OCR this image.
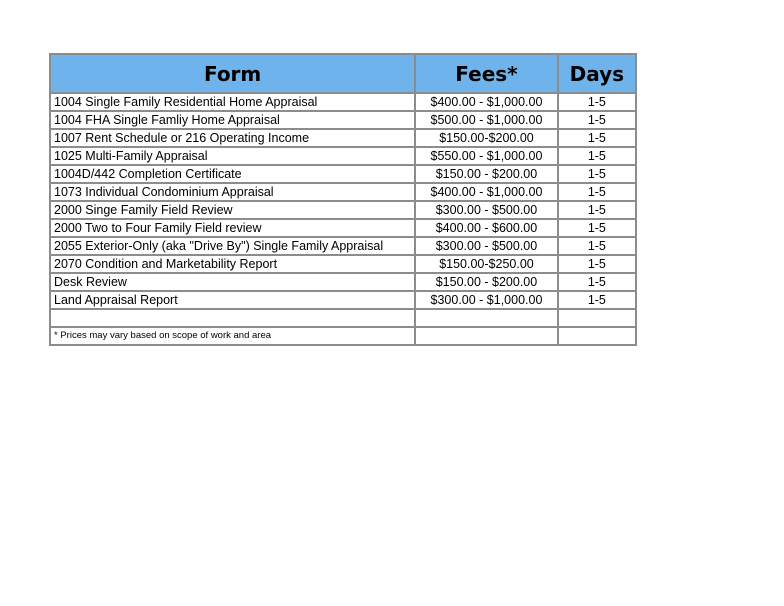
Form	Fees*	Days
1004 Single Family Residential Home Appraisal	$400.00 - $1,000.00	1-5
1004 FHA Single Famliy Home Appraisal	$500.00 - $1,000.00	1-5
1007 Rent Schedule or 216 Operating Income	$150.00-$200.00	1-5
1025 Multi-Family Appraisal	$550.00 - $1,000.00	1-5
1004D/442 Completion Certificate	$150.00 - $200.00	1-5
1073 Individual Condominium Appraisal	$400.00 - $1,000.00	1-5
2000 Singe Family Field Review	$300.00 - $500.00	1-5
2000 Two to Four Family Field review	$400.00 - $600.00	1-5
2055 Exterior-Only (aka "Drive By") Single Family Appraisal	$300.00 - $500.00	1-5
2070 Condition and Marketability Report	$150.00-$250.00	1-5
Desk Review	$150.00 - $200.00	1-5
Land Appraisal Report	$300.00 - $1,000.00	1-5

* Prices may vary based on scope of work and area		
